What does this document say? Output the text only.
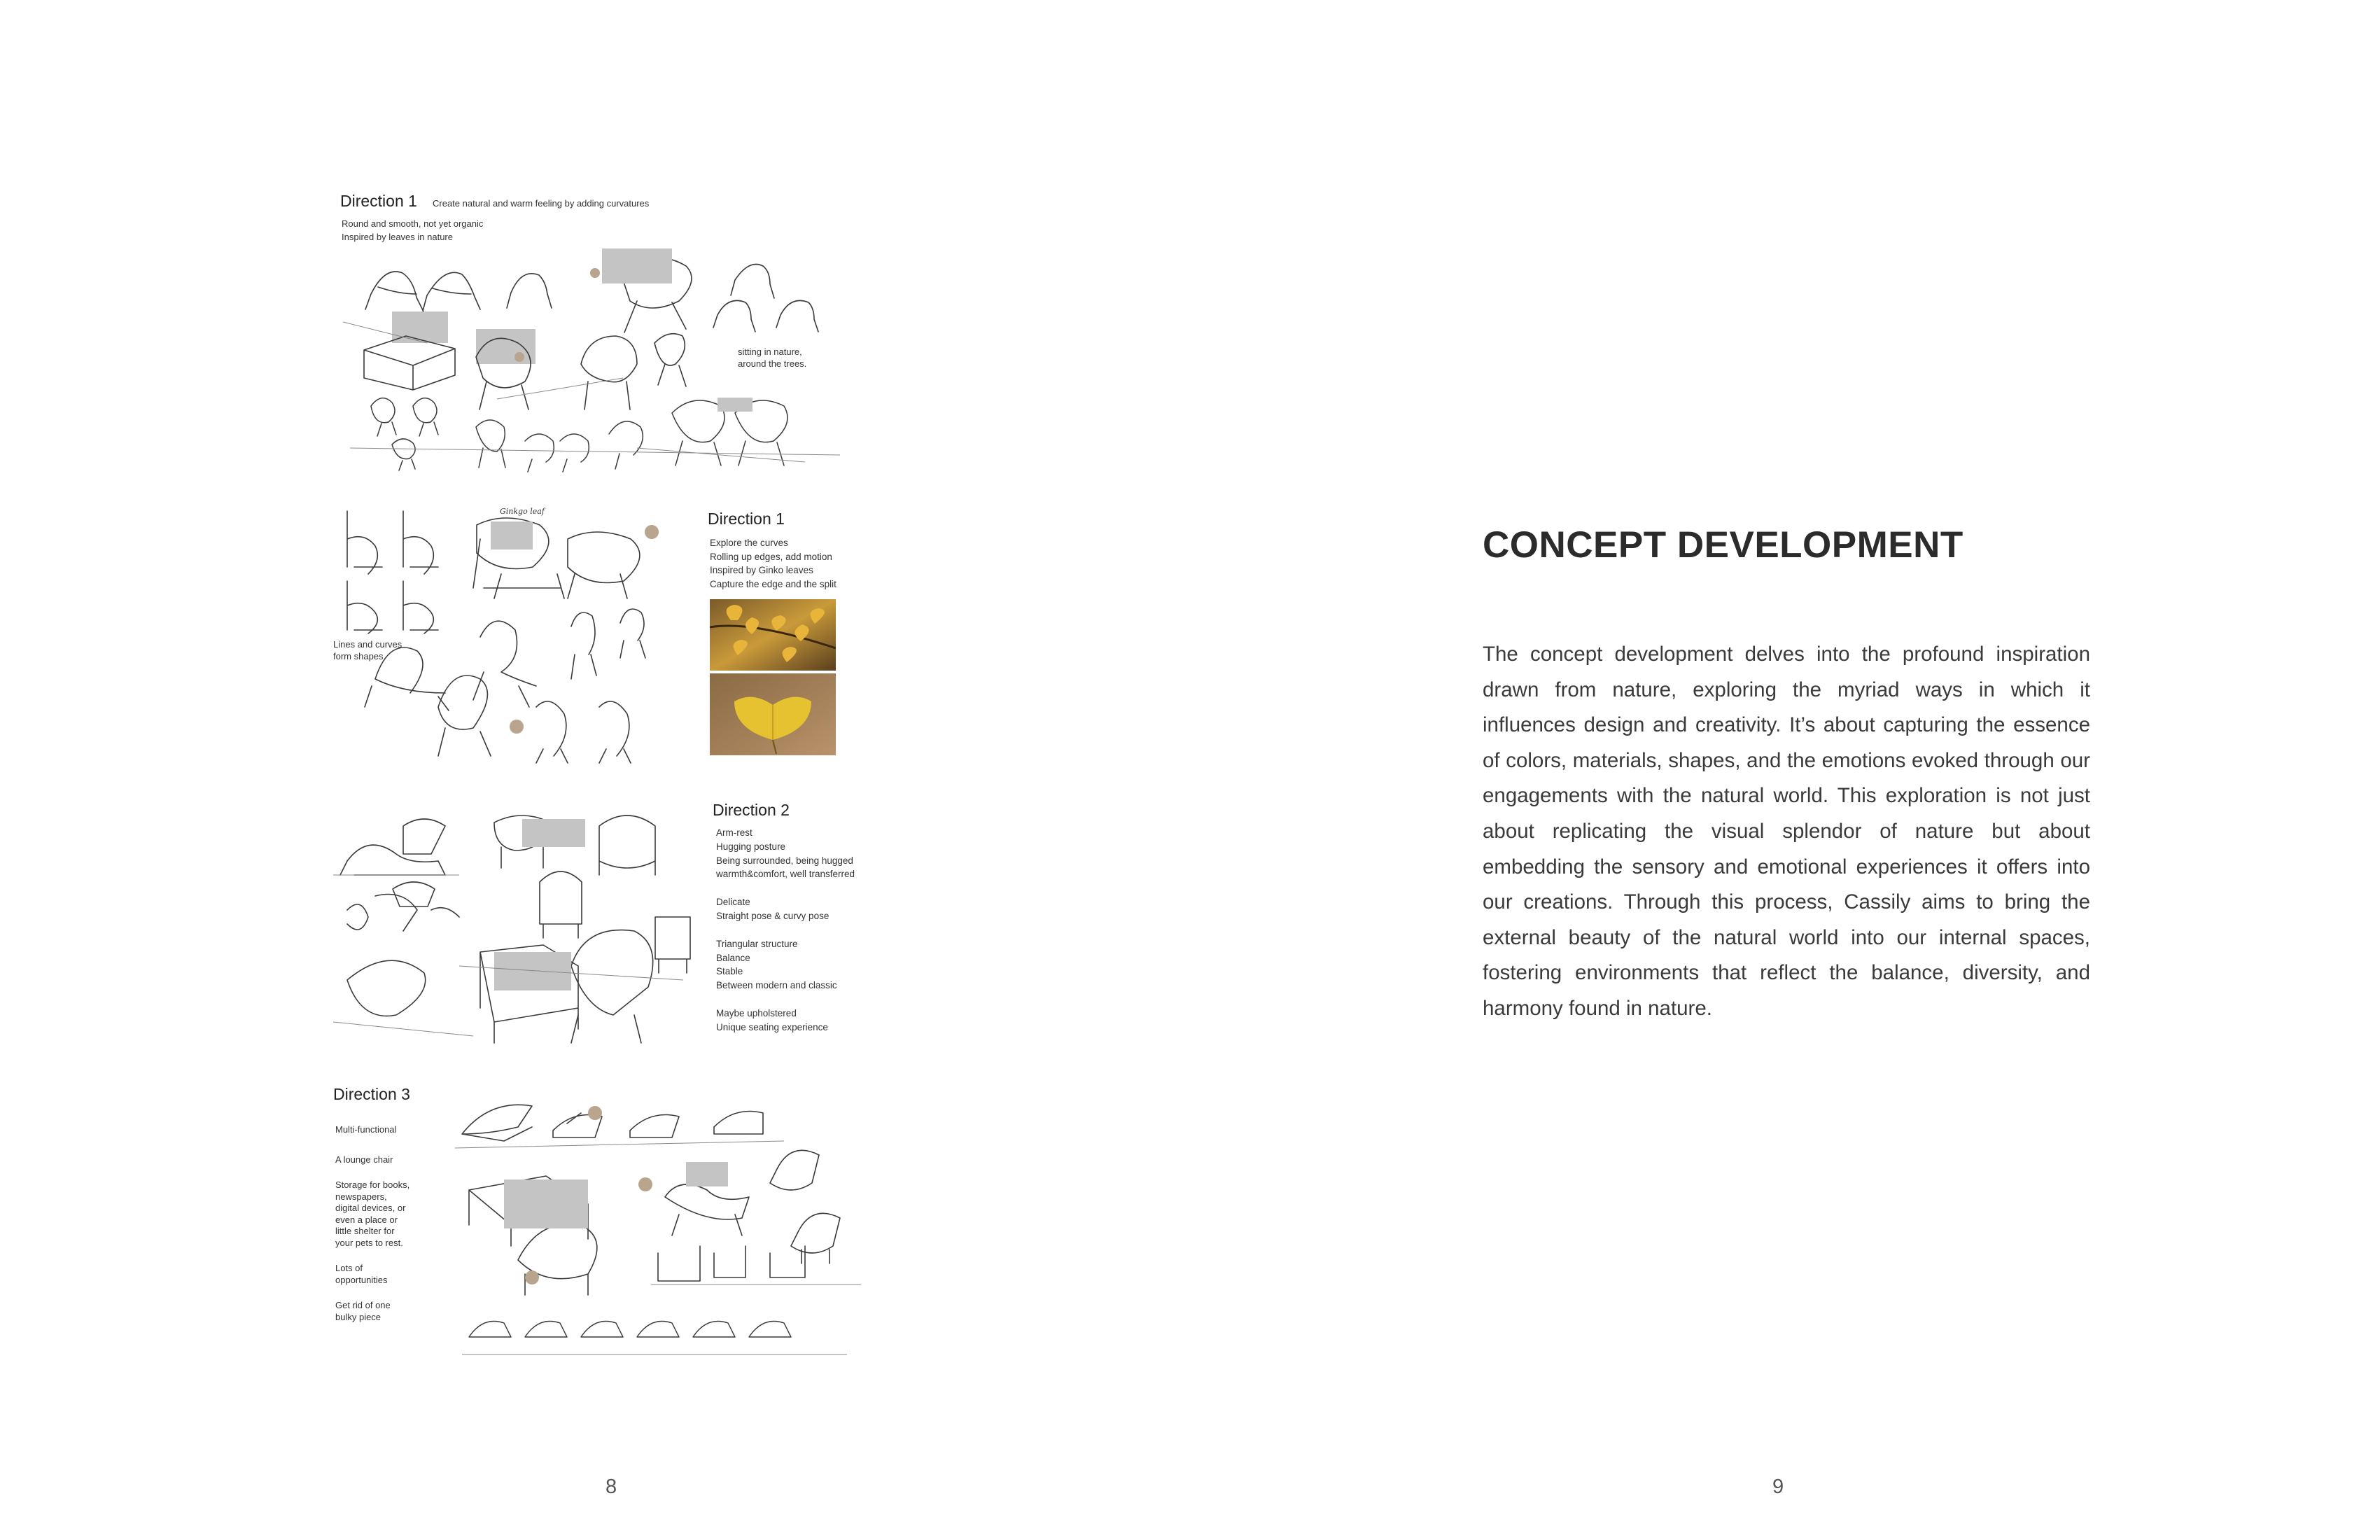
Direction 1 Create natural and warm feeling by adding curvatures
Round and smooth, not yet organic
Inspired by leaves in nature
sitting in nature,
around the trees.
Ginkgo leaf
Lines and curves
form shapes
Direction 1
Explore the curves
Rolling up edges, add motion
Inspired by Ginko leaves
Capture the edge and the split
Direction 2
Arm-rest
Hugging posture
Being surrounded, being hugged
warmth&comfort, well transferred
Delicate
Straight pose & curvy pose
Triangular structure
Balance
Stable
Between modern and classic
Maybe upholstered
Unique seating experience
Direction 3
Multi-functional
A lounge chair
Storage for books,
newspapers,
digital devices, or
even a place or
little shelter for
your pets to rest.
Lots of
opportunities
Get rid of one
bulky piece
8
CONCEPT DEVELOPMENT
The concept development delves into the profound inspiration drawn from nature, exploring the myriad ways in which it influences design and creativity. It’s about capturing the essence of colors, materials, shapes, and the emotions evoked through our engagements with the natural world. This exploration is not just about replicating the visual splendor of nature but about embedding the sensory and emotional experiences it offers into our creations. Through this process, Cassily aims to bring the external beauty of the natural world into our internal spaces, fostering environments that reflect the balance, diversity, and harmony found in nature.
9
